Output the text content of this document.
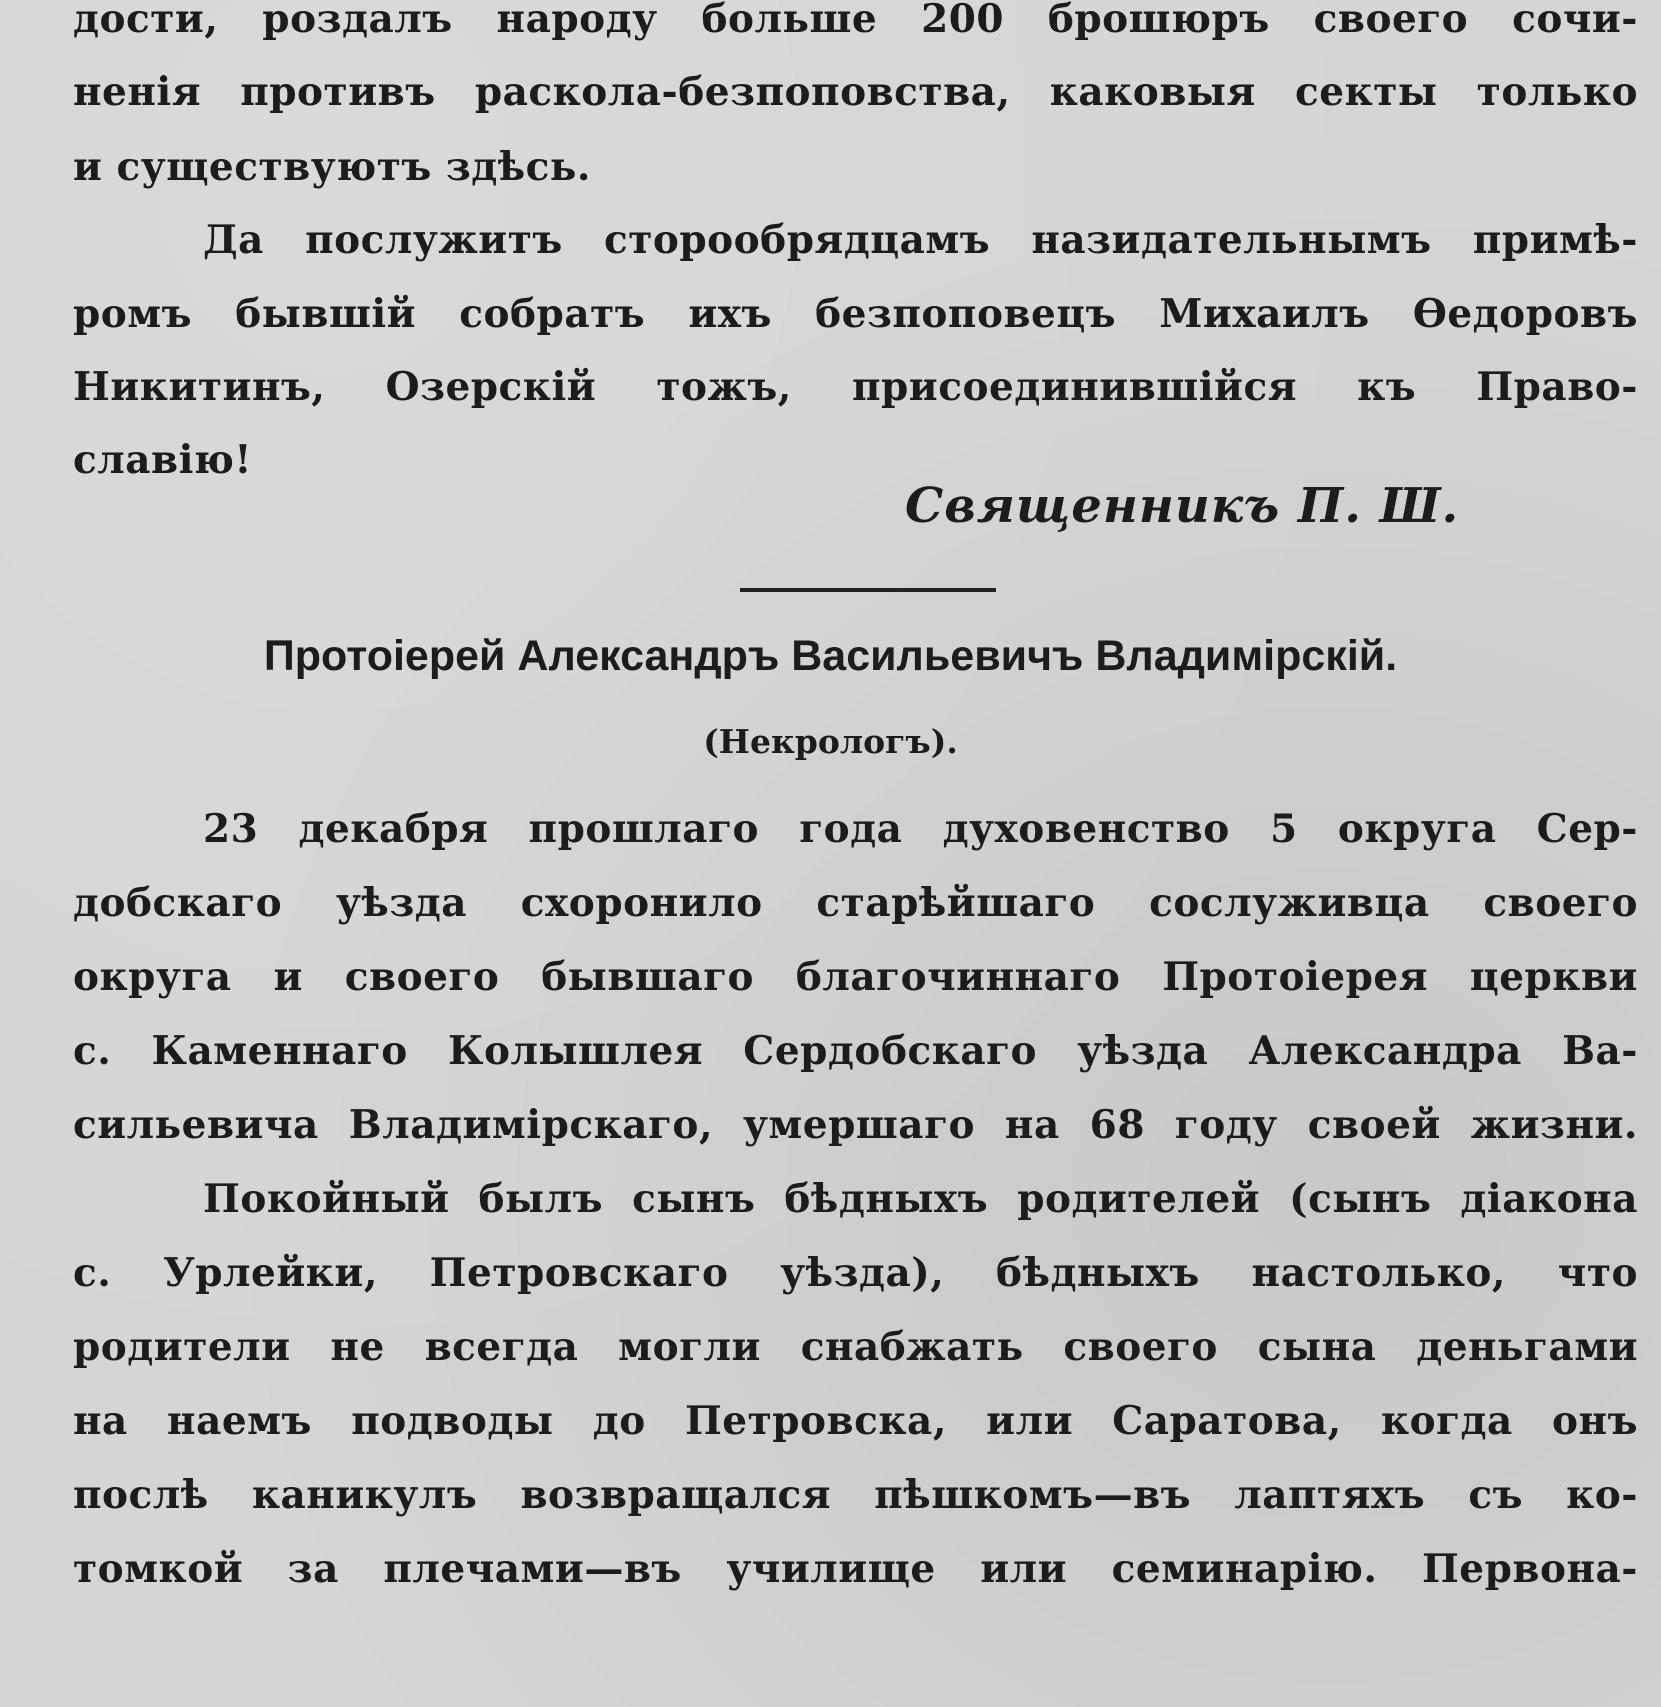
дости, роздалъ народу больше 200 брошюръ своего сочи-
ненія противъ раскола-безпоповства, каковыя секты только
и существуютъ здѣсь.
Да послужитъ сторообрядцамъ назидательнымъ примѣ-
ромъ бывшій собратъ ихъ безпоповецъ Михаилъ Ѳедоровъ
Никитинъ, Озерскій тожъ, присоединившійся къ Право-
славію!
Священникъ П. Ш.
Протоіерей Александръ Васильевичъ Владимірскій.
(Некрологъ).
23 декабря прошлаго года духовенство 5 округа Сер-
добскаго уѣзда схоронило старѣйшаго сослуживца своего
округа и своего бывшаго благочиннаго Протоіерея церкви
с. Каменнаго Колышлея Сердобскаго уѣзда Александра Ва-
сильевича Владимірскаго, умершаго на 68 году своей жизни.
Покойный былъ сынъ бѣдныхъ родителей (сынъ діакона
с. Урлейки, Петровскаго уѣзда), бѣдныхъ настолько, что
родители не всегда могли снабжать своего сына деньгами
на наемъ подводы до Петровска, или Саратова, когда онъ
послѣ каникулъ возвращался пѣшкомъ—въ лаптяхъ съ ко-
томкой за плечами—въ училище или семинарію. Первона-
